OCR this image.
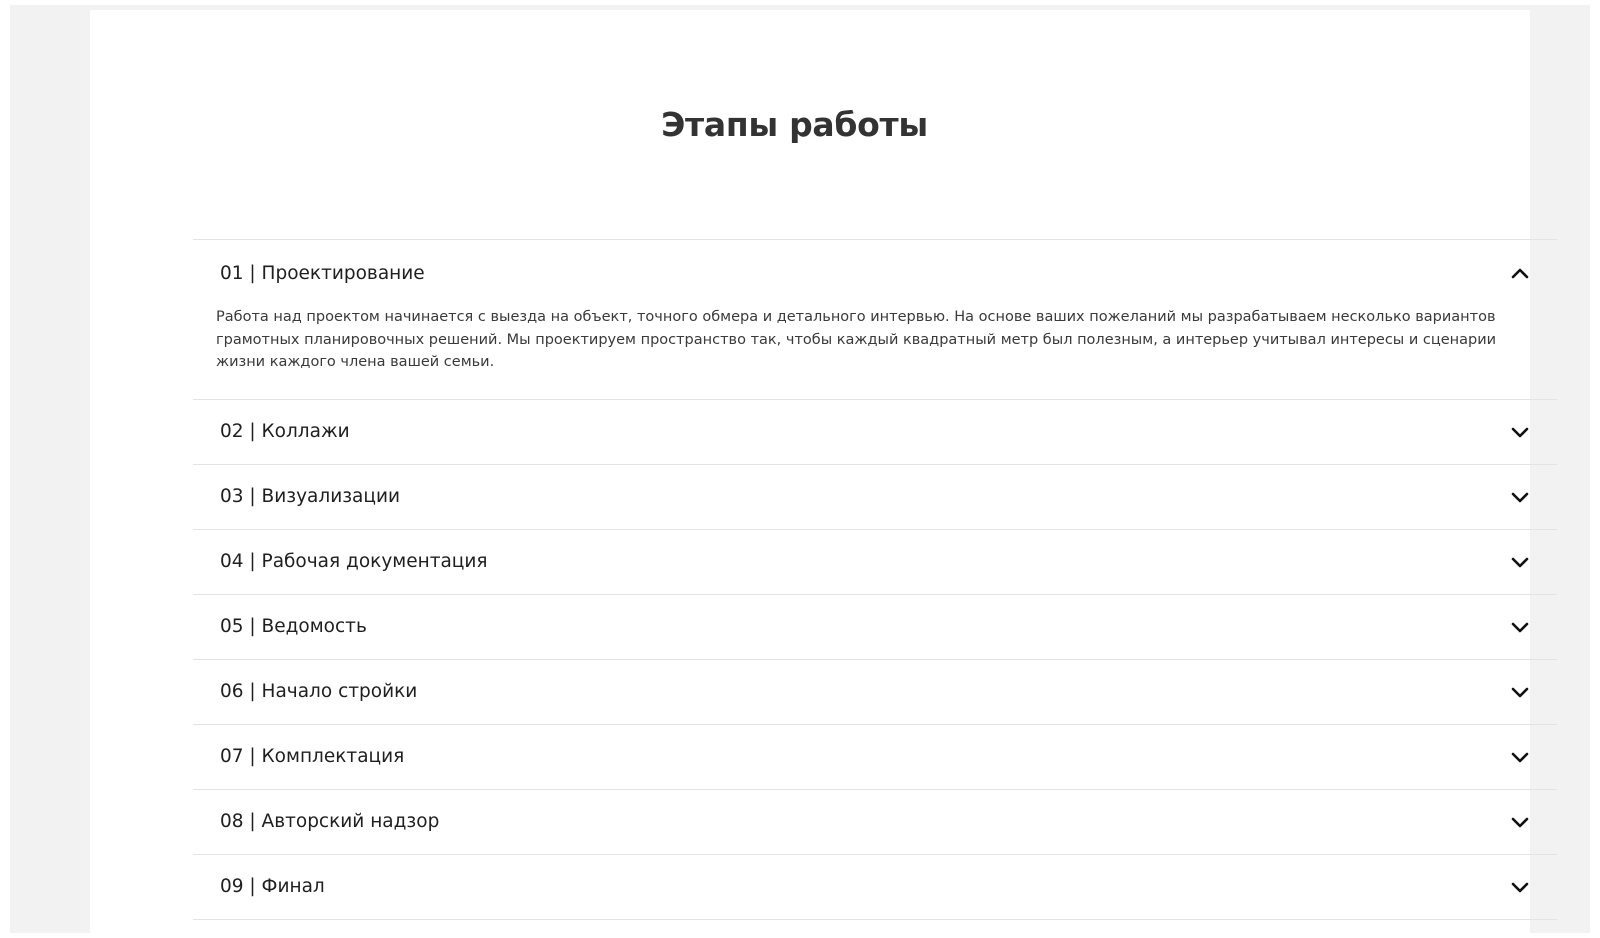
Этапы работы
01 | Проектирование
Работа над проектом начинается с выезда на объект, точного обмера и детального интервью. На основе ваших пожеланий мы разрабатываем несколько вариантов грамотных планировочных решений. Мы проектируем пространство так, чтобы каждый квадратный метр был полезным, а интерьер учитывал интересы и сценарии жизни каждого члена вашей семьи.
02 | Коллажи
03 | Визуализации
04 | Рабочая документация
05 | Ведомость
06 | Начало стройки
07 | Комплектация
08 | Авторский надзор
09 | Финал
